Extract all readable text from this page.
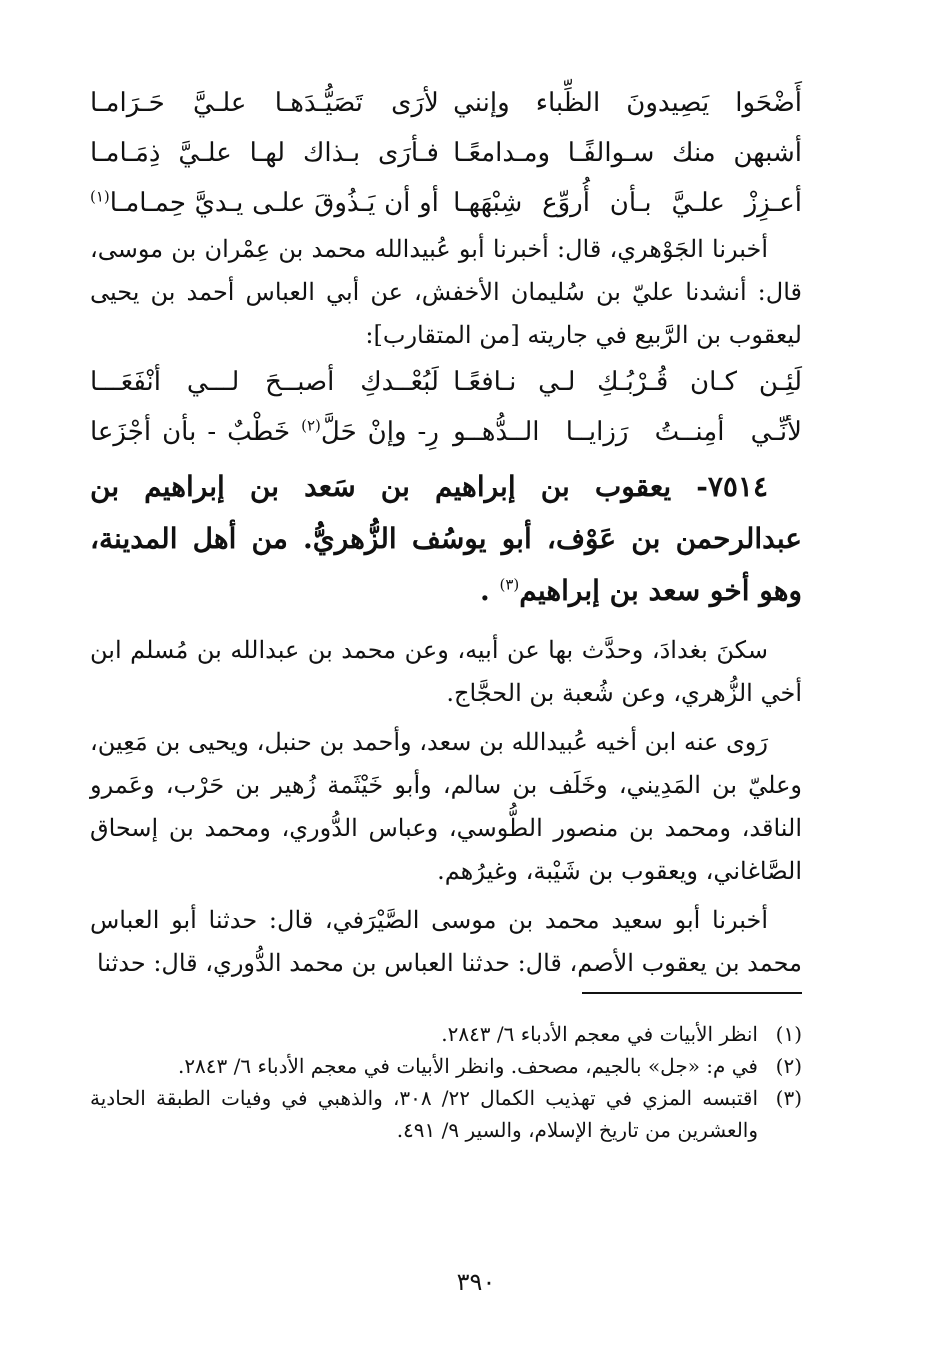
أَضْحَوا يَصِيدونَ الظِّباء وإنني
لأرَى تَصَيُّـدَهـا علـيَّ حَـرَامـا
أشبهن منك سـوالفًـا ومـدامعًـا
فـأرَى بـذاك لهـا علـيَّ ذِمَـامـا
أعـزِزْ علـيَّ بـأن أُروِّع شِبْهَهـا
أو أن يَـذُوقَ علـى يـديَّ حِمـامـا$^{(١)}$

أخبرنا الجَوْهري، قال: أخبرنا أبو عُبيدالله محمد بن عِمْران بن موسى، قال: أنشدنا عليّ بن سُليمان الأخفش، عن أبي العباس أحمد بن يحيى ليعقوب بن الرَّبيع في جاريته [من المتقارب]:

لَئِـن كـان قُـرْبُـكِ لـي نـافعًـا
لَبُعْــدكِ أصبــحَ لـــي أنْفَعَـــا
لأنِّـي أمِنــتُ رَزايــا الــدُّهــو
رِ- وإنْ حَلَّ$^{(٢)}$ خَطْبٌ - بأن أجْزَعا

٧٥١٤- يعقوب بن إبراهيم بن سَعد بن إبراهيم بن عبدالرحمن بن عَوْف، أبو يوسُف الزُّهريُّ. من أهل المدينة، وهو أخو سعد بن إبراهيم$^{(٣)}$ .

سكنَ بغدادَ، وحدَّث بها عن أبيه، وعن محمد بن عبدالله بن مُسلم ابن أخي الزُّهري، وعن شُعبة بن الحجَّاج.

رَوى عنه ابن أخيه عُبيدالله بن سعد، وأحمد بن حنبل، ويحيى بن مَعِين، وعليّ بن المَدِيني، وخَلَف بن سالم، وأبو خَيْثَمة زُهير بن حَرْب، وعَمرو الناقد، ومحمد بن منصور الطُّوسي، وعباس الدُّوري، ومحمد بن إسحاق الصَّاغاني، ويعقوب بن شَيْبة، وغيرُهم.

أخبرنا أبو سعيد محمد بن موسى الصَّيْرَفي، قال: حدثنا أبو العباس محمد بن يعقوب الأصم، قال: حدثنا العباس بن محمد الدُّوري، قال: حدثنا

(١)
انظر الأبيات في معجم الأدباء ٦/ ٢٨٤٣.
(٢)
في م: «جل» بالجيم، مصحف. وانظر الأبيات في معجم الأدباء ٦/ ٢٨٤٣.
(٣)
اقتبسه المزي في تهذيب الكمال ٢٢/ ٣٠٨، والذهبي في وفيات الطبقة الحادية والعشرين من تاريخ الإسلام، والسير ٩/ ٤٩١.
٣٩٠
